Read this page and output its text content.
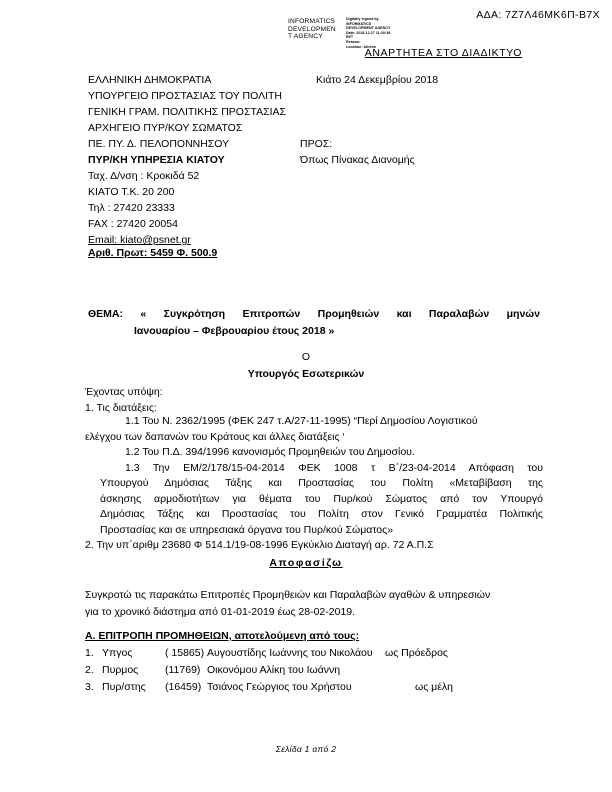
ΑΔΑ: 7Ζ7Λ46ΜΚ6Π-Β7Χ
INFORMATICS
DEVELOPMEN
T AGENCY
Digitally signed by
INFORMATICS
DEVELOPMENT AGENCY
Date: 2018.12.27 11:20:38
EET
Reason:
Location: Athens
ΑΝΑΡΤΗΤΕΑ ΣΤΟ ΔΙΑΔΙΚΤΥΟ
ΕΛΛΗΝΙΚΗ ΔΗΜΟΚΡΑΤΙΑ	Κιάτο 24 Δεκεμβρίου 2018
ΥΠΟΥΡΓΕΙΟ ΠΡΟΣΤΑΣΙΑΣ ΤΟΥ ΠΟΛΙΤΗ
ΓΕΝΙΚΗ ΓΡΑΜ. ΠΟΛΙΤΙΚΗΣ ΠΡΟΣΤΑΣΙΑΣ
ΑΡΧΗΓΕΙΟ ΠΥΡ/ΚΟΥ ΣΩΜΑΤΟΣ
ΠΕ. ΠΥ. Δ. ΠΕΛΟΠΟΝΝΗΣΟΥ	ΠΡΟΣ:
ΠΥΡ/ΚΗ ΥΠΗΡΕΣΙΑ ΚΙΑΤΟΥ	Όπως Πίνακας Διανομής
Ταχ. Δ/νση : Κροκιδά 52
ΚΙΑΤΟ Τ.Κ. 20 200
Τηλ : 27420 23333
FAX : 27420 20054
Email: kiato@psnet.gr
Αριθ. Πρωτ: 5459 Φ. 500.9
ΘΕΜΑ: « Συγκρότηση Επιτροπών Προμηθειών και Παραλαβών μηνών
Ιανουαρίου – Φεβρουαρίου έτους 2018 »
Ο
Υπουργός Εσωτερικών
Έχοντας υπόψη:
1. Τις διατάξεις:
1.1 Του Ν. 2362/1995 (ΦΕΚ 247 τ.Α/27-11-1995) “Περί Δημοσίου Λογιστικού
ελέγχου των δαπανών του Κράτους και άλλες διατάξεις ‘
1.2 Του Π.Δ. 394/1996 κανονισμός Προμηθειών του Δημοσίου.
1.3 Την ΕΜ/2/178/15-04-2014 ΦΕΚ 1008 τ Β΄/23-04-2014 Απόφαση του
Υπουργού Δημόσιας Τάξης και Προστασίας του Πολίτη «Μεταβίβαση της
άσκησης αρμοδιοτήτων για θέματα του Πυρ/κού Σώματος από τον Υπουργό
Δημόσιας Τάξης και Προστασίας του Πολίτη στον Γενικό Γραμματέα Πολιτικής
Προστασίας και σε υπηρεσιακά όργανα του Πυρ/κού Σώματος»
2. Την υπ΄αριθμ 23680 Φ 514.1/19-08-1996 Εγκύκλιο Διαταγή αρ. 72 Α.Π.Σ
Αποφασίζω
Συγκροτώ τις παρακάτω Επιτροπές Προμηθειών και Παραλαβών αγαθών & υπηρεσιών
για το χρονικό διάστημα από 01-01-2019 έως 28-02-2019.
Α. ΕΠΙΤΡΟΠΗ ΠΡΟΜΗΘΕΙΩΝ, αποτελούμενη από τους:
1. Υπγος	( 15865) Αυγουστίδης Ιωάννης του Νικολάου ως Πρόεδρος
2. Πυρμος	(11769) Οικονόμου Αλίκη του Ιωάννη
3. Πυρ/στης (16459) Τσιάνος Γεώργιος του Χρήστου	ως μέλη
Σελίδα 1 από 2
